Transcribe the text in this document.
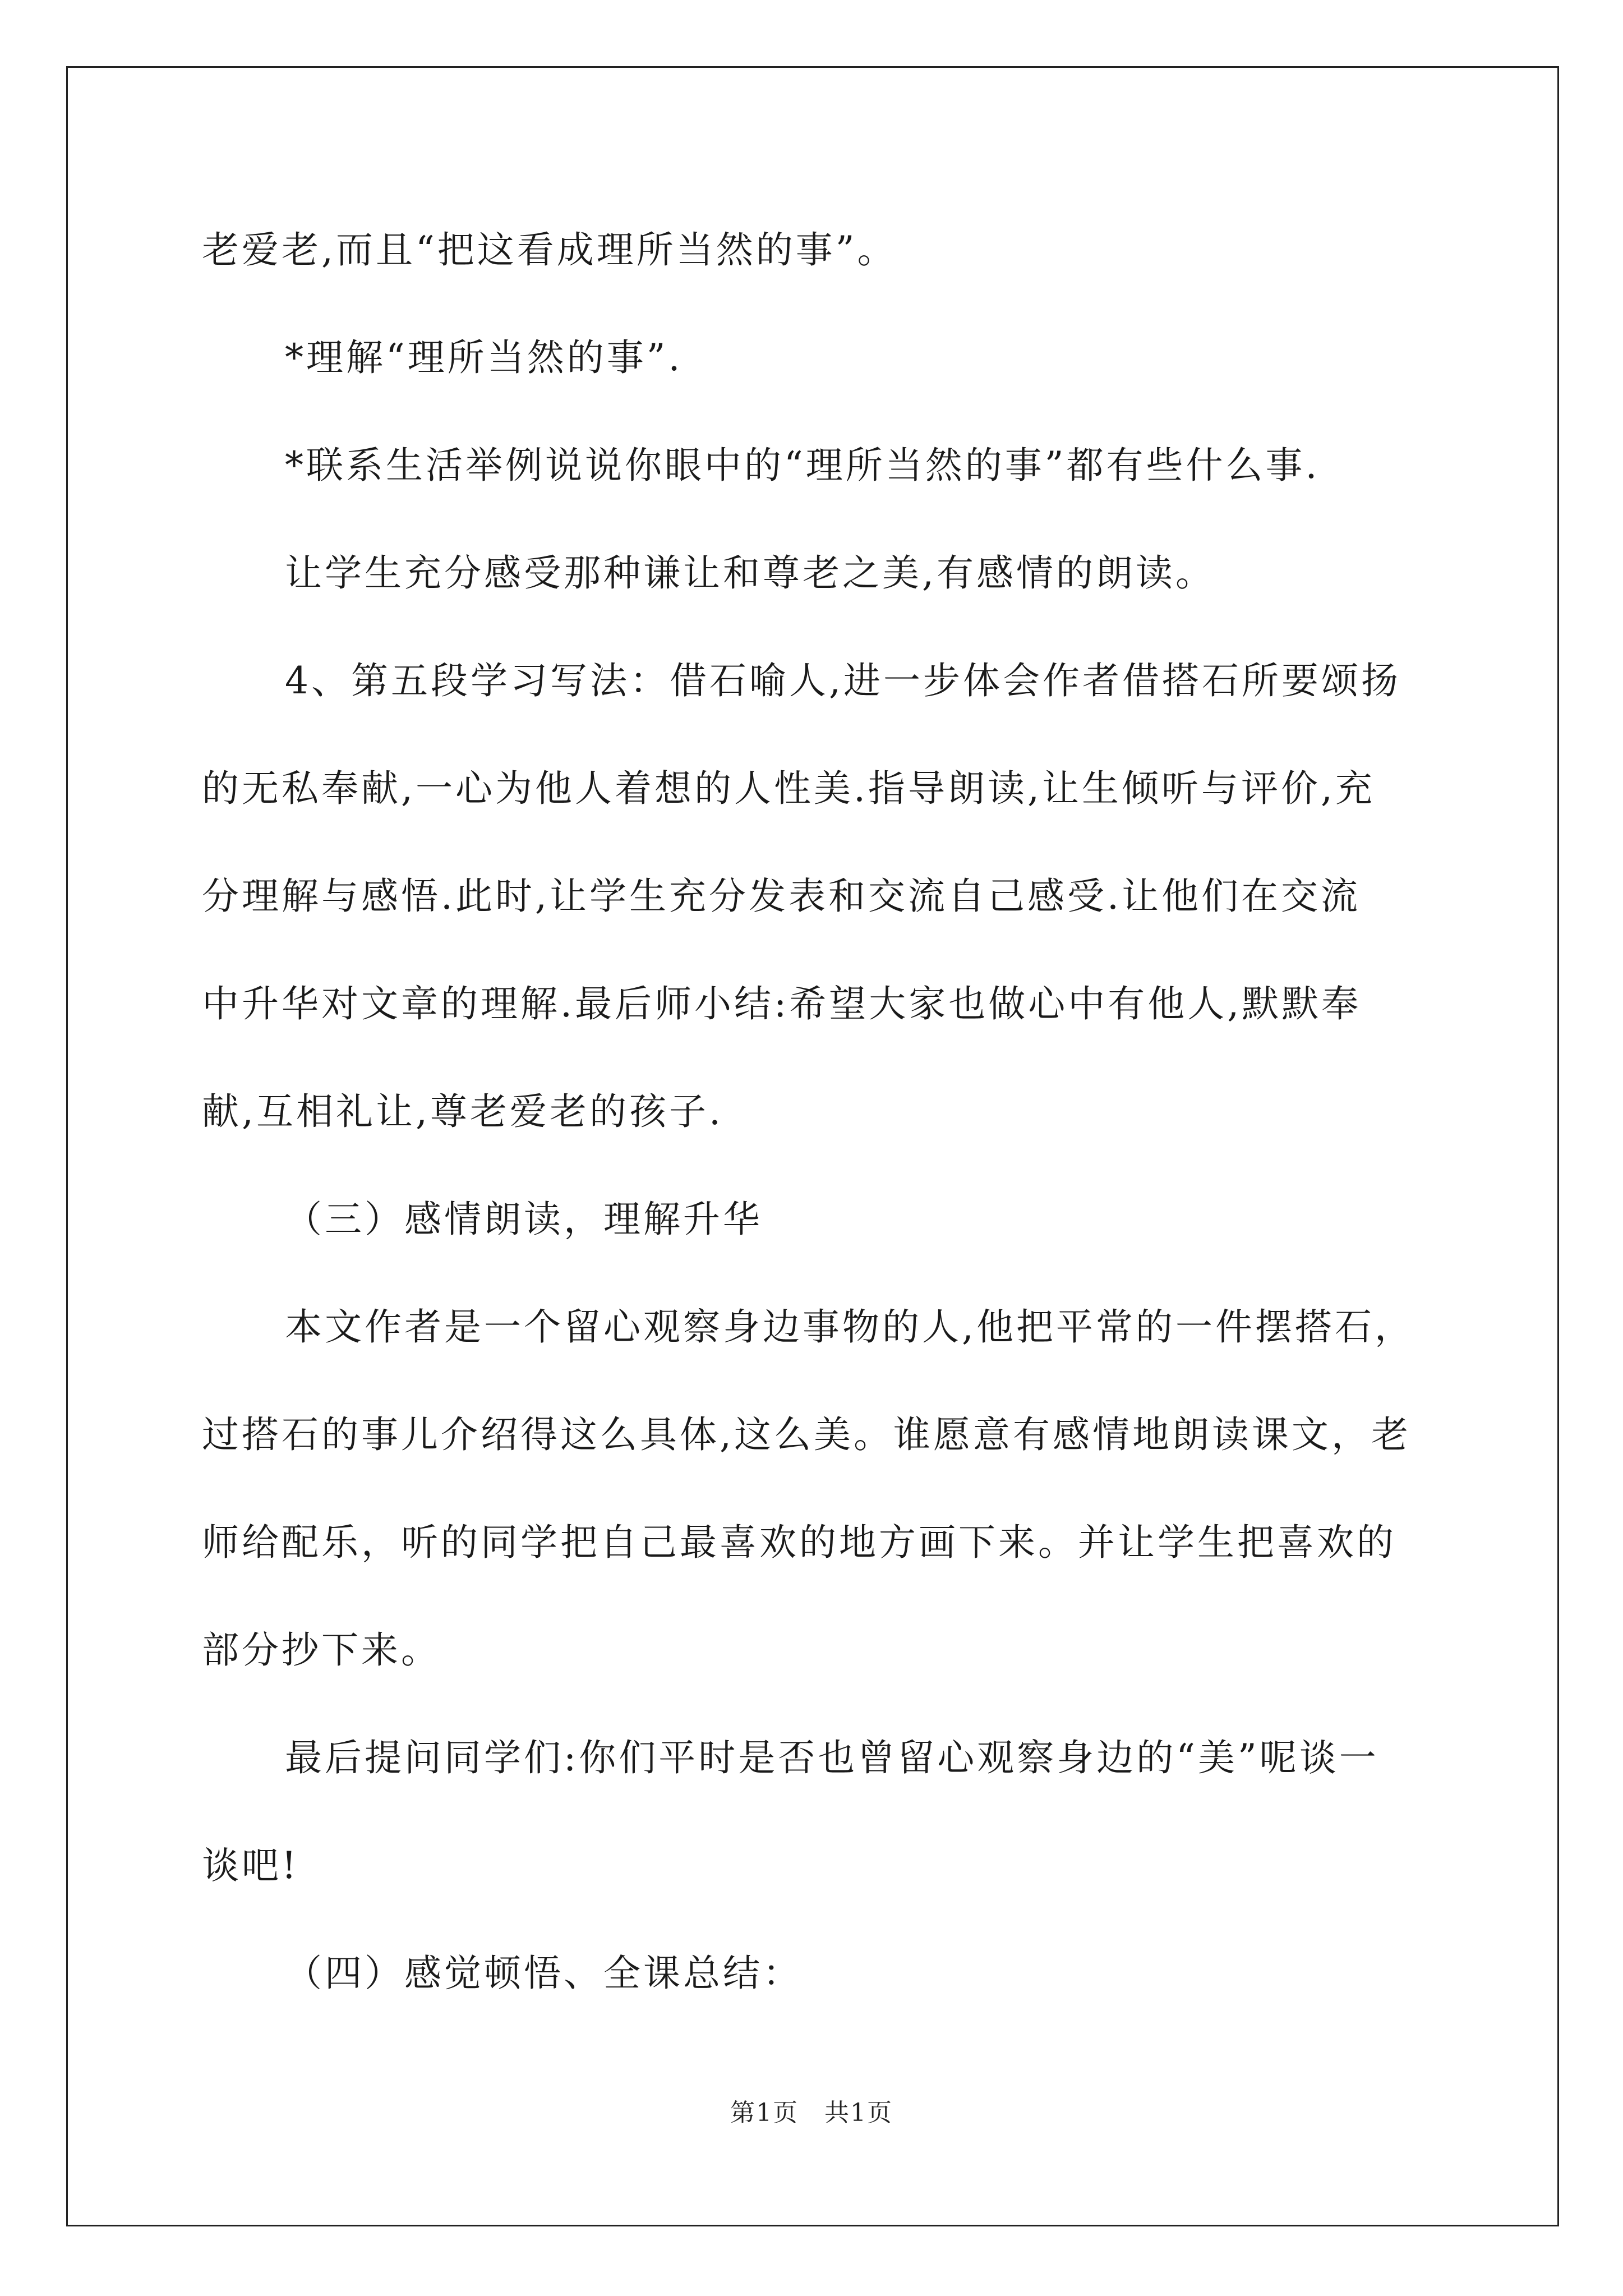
老爱老,而且“把这看成理所当然的事”。
*理解“理所当然的事”.
*联系生活举例说说你眼中的“理所当然的事”都有些什么事.
让学生充分感受那种谦让和尊老之美,有感情的朗读。
4、第五段学习写法：借石喻人,进一步体会作者借搭石所要颂扬
的无私奉献,一心为他人着想的人性美.指导朗读,让生倾听与评价,充
分理解与感悟.此时,让学生充分发表和交流自己感受.让他们在交流
中升华对文章的理解.最后师小结:希望大家也做心中有他人,默默奉
献,互相礼让,尊老爱老的孩子.
（三）感情朗读，理解升华
本文作者是一个留心观察身边事物的人,他把平常的一件摆搭石，
过搭石的事儿介绍得这么具体,这么美。谁愿意有感情地朗读课文，老
师给配乐，听的同学把自己最喜欢的地方画下来。并让学生把喜欢的
部分抄下来。
最后提问同学们:你们平时是否也曾留心观察身边的“美”呢谈一
谈吧!
（四）感觉顿悟、全课总结：
第1页　共1页
